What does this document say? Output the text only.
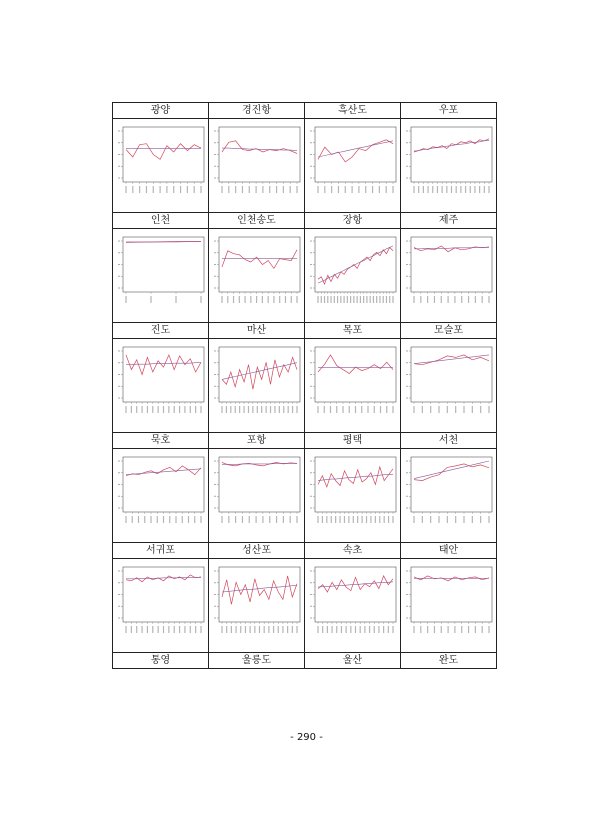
광양	경진항	흑산도	우포

인천	인천송도	장항	제주

진도	마산	목포	모슬포

묵호	포항	평택	서천

서귀포	성산포	속초	태안

통영	울릉도	울산	완도
- 290 -
